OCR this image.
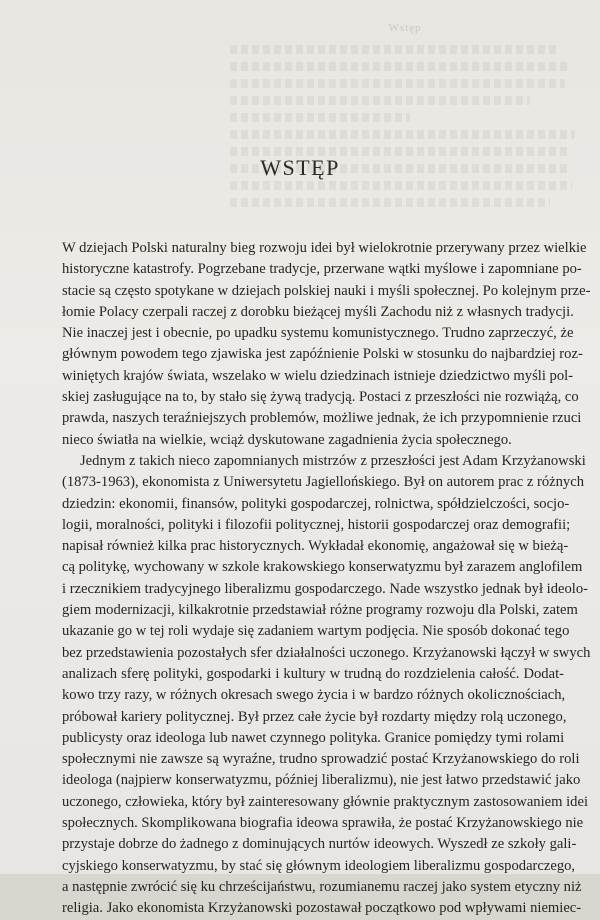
Wstęp
WSTĘP
W dziejach Polski naturalny bieg rozwoju idei był wielokrotnie przerywany przez wielkie
historyczne katastrofy. Pogrzebane tradycje, przerwane wątki myślowe i zapomniane po-
stacie są często spotykane w dziejach polskiej nauki i myśli społecznej. Po kolejnym prze-
łomie Polacy czerpali raczej z dorobku bieżącej myśli Zachodu niż z własnych tradycji.
Nie inaczej jest i obecnie, po upadku systemu komunistycznego. Trudno zaprzeczyć, że
głównym powodem tego zjawiska jest zapóźnienie Polski w stosunku do najbardziej roz-
winiętych krajów świata, wszelako w wielu dziedzinach istnieje dziedzictwo myśli pol-
skiej zasługujące na to, by stało się żywą tradycją. Postaci z przeszłości nie rozwiążą, co
prawda, naszych teraźniejszych problemów, możliwe jednak, że ich przypomnienie rzuci
nieco światła na wielkie, wciąż dyskutowane zagadnienia życia społecznego.
Jednym z takich nieco zapomnianych mistrzów z przeszłości jest Adam Krzyżanowski
(1873-1963), ekonomista z Uniwersytetu Jagiellońskiego. Był on autorem prac z różnych
dziedzin: ekonomii, finansów, polityki gospodarczej, rolnictwa, spółdzielczości, socjo-
logii, moralności, polityki i filozofii politycznej, historii gospodarczej oraz demografii;
napisał również kilka prac historycznych. Wykładał ekonomię, angażował się w bieżą-
cą politykę, wychowany w szkole krakowskiego konserwatyzmu był zarazem anglofilem
i rzecznikiem tradycyjnego liberalizmu gospodarczego. Nade wszystko jednak był ideolo-
giem modernizacji, kilkakrotnie przedstawiał różne programy rozwoju dla Polski, zatem
ukazanie go w tej roli wydaje się zadaniem wartym podjęcia. Nie sposób dokonać tego
bez przedstawienia pozostałych sfer działalności uczonego. Krzyżanowski łączył w swych
analizach sferę polityki, gospodarki i kultury w trudną do rozdzielenia całość. Dodat-
kowo trzy razy, w różnych okresach swego życia i w bardzo różnych okolicznościach,
próbował kariery politycznej. Był przez całe życie był rozdarty między rolą uczonego,
publicysty oraz ideologa lub nawet czynnego polityka. Granice pomiędzy tymi rolami
społecznymi nie zawsze są wyraźne, trudno sprowadzić postać Krzyżanowskiego do roli
ideologa (najpierw konserwatyzmu, później liberalizmu), nie jest łatwo przedstawić jako
uczonego, człowieka, który był zainteresowany głównie praktycznym zastosowaniem idei
społecznych. Skomplikowana biografia ideowa sprawiła, że postać Krzyżanowskiego nie
przystaje dobrze do żadnego z dominujących nurtów ideowych. Wyszedł ze szkoły gali-
cyjskiego konserwatyzmu, by stać się głównym ideologiem liberalizmu gospodarczego,
a następnie zwrócić się ku chrześcijaństwu, rozumianemu raczej jako system etyczny niż
religia. Jako ekonomista Krzyżanowski pozostawał początkowo pod wpływami niemiec-
